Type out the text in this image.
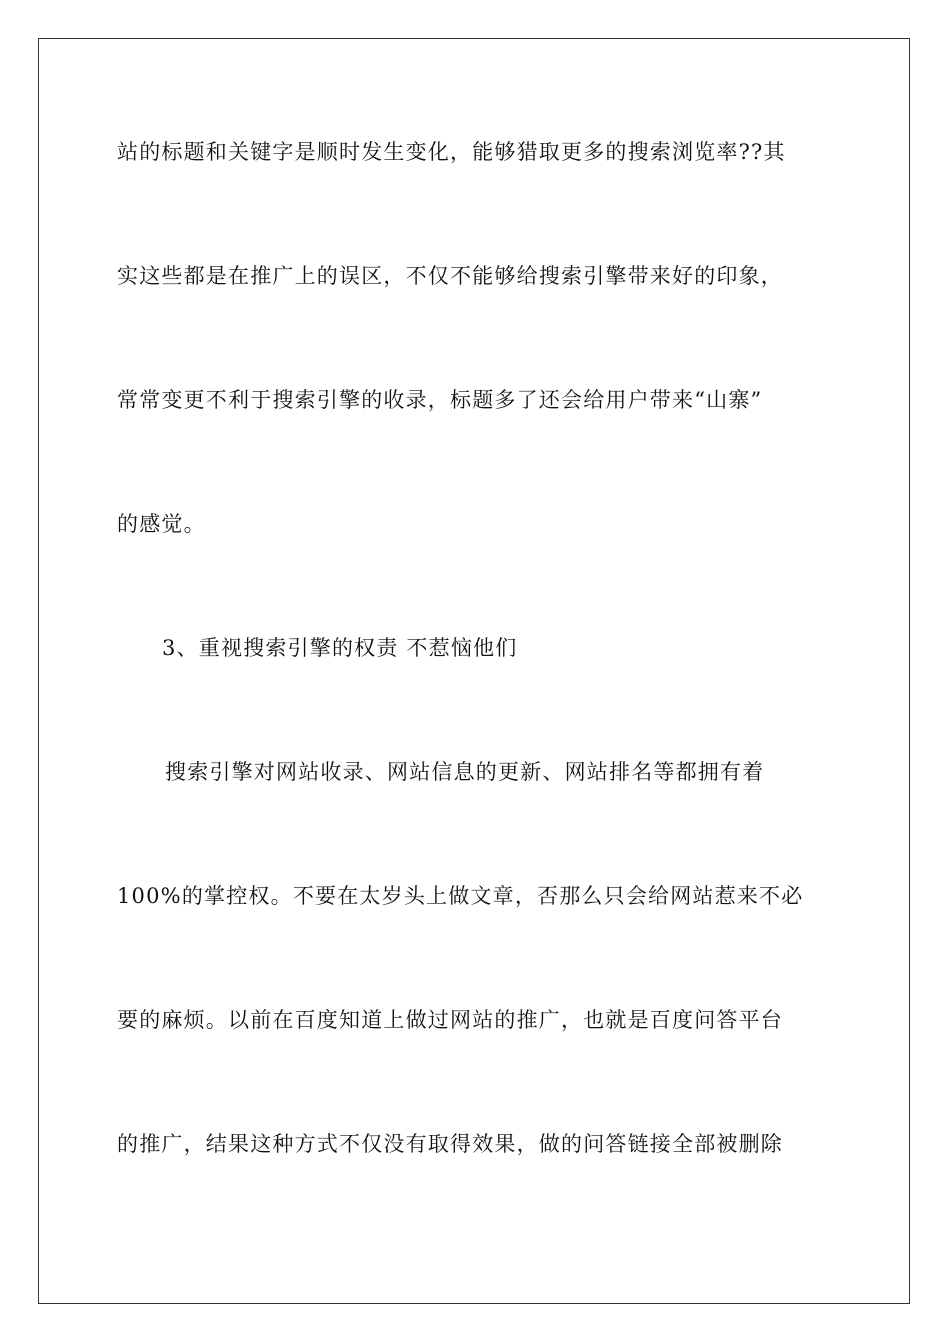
站的标题和关键字是顺时发生变化，能够猎取更多的搜索浏览率??其
实这些都是在推广上的误区，不仅不能够给搜索引擎带来好的印象，
常常变更不利于搜索引擎的收录，标题多了还会给用户带来“山寨”
的感觉。
3、重视搜索引擎的权责 不惹恼他们
搜索引擎对网站收录、网站信息的更新、网站排名等都拥有着
100%的掌控权。不要在太岁头上做文章，否那么只会给网站惹来不必
要的麻烦。以前在百度知道上做过网站的推广，也就是百度问答平台
的推广，结果这种方式不仅没有取得效果，做的问答链接全部被删除
